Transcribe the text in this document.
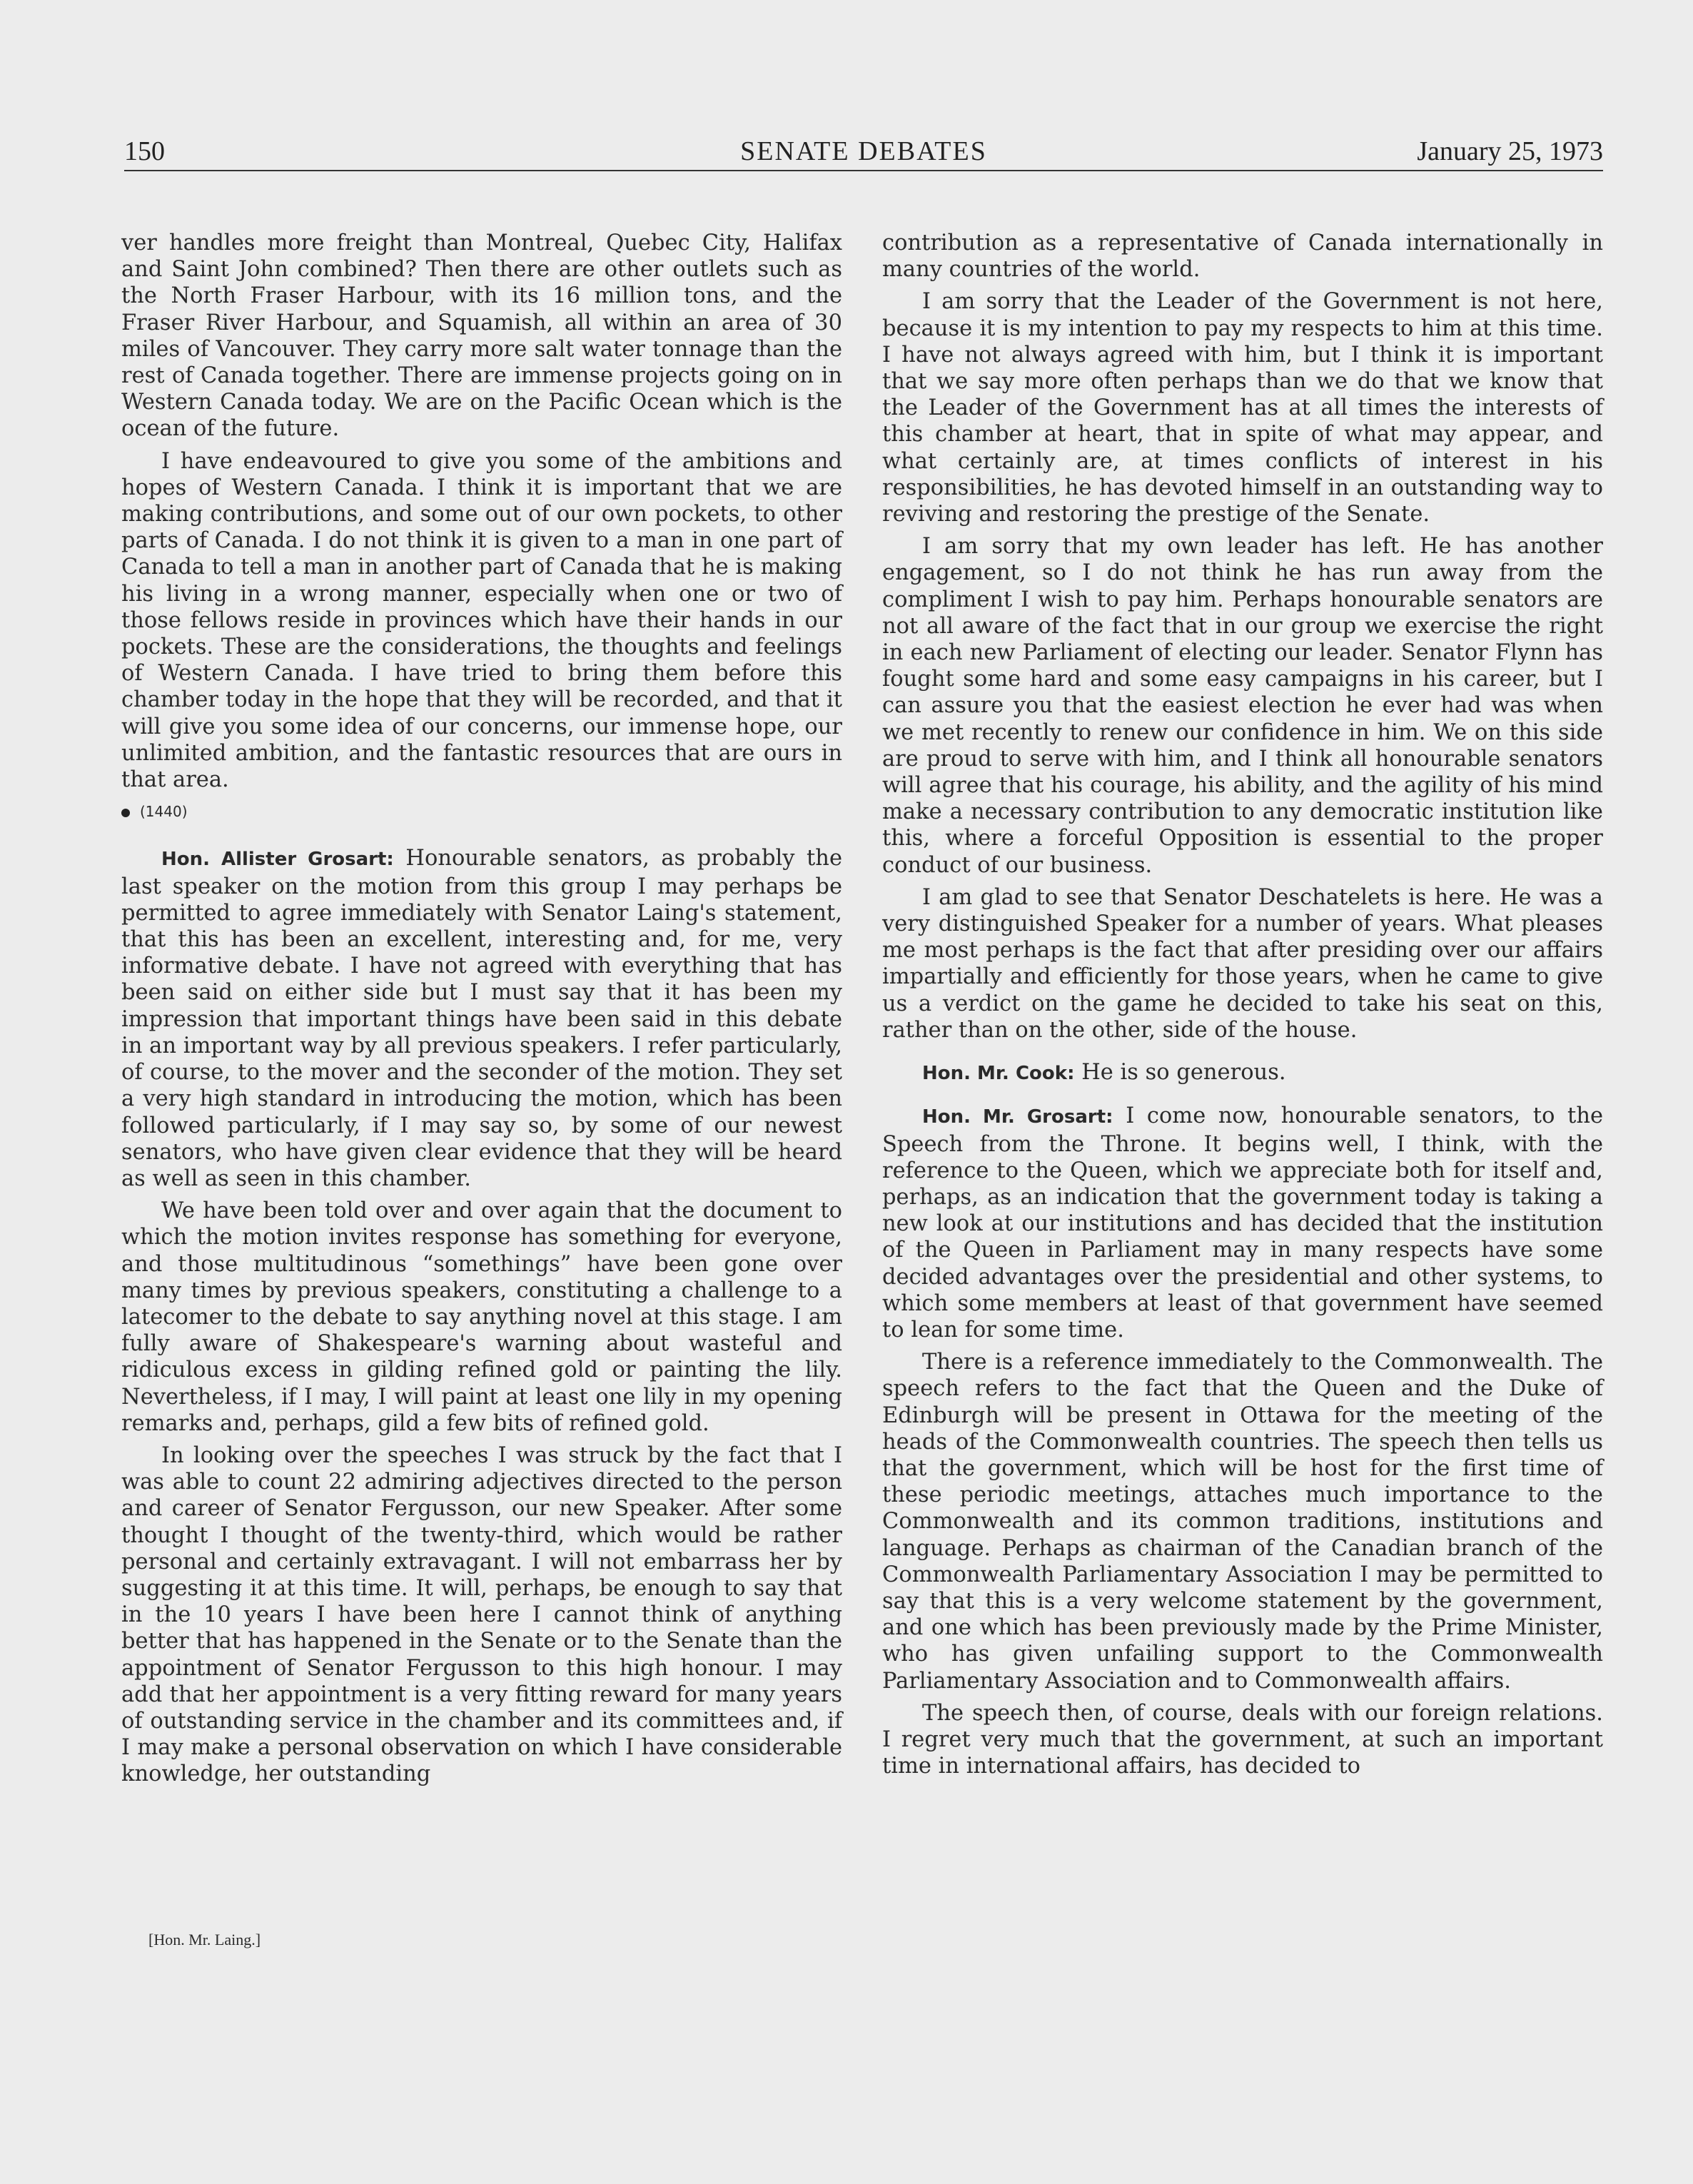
150	SENATE DEBATES	January 25, 1973

ver handles more freight than Montreal, Quebec City, Halifax and Saint John combined? Then there are other outlets such as the North Fraser Harbour, with its 16 million tons, and the Fraser River Harbour, and Squamish, all within an area of 30 miles of Vancouver. They carry more salt water tonnage than the rest of Canada together. There are immense projects going on in Western Canada today. We are on the Pacific Ocean which is the ocean of the future.

I have endeavoured to give you some of the ambitions and hopes of Western Canada. I think it is important that we are making contributions, and some out of our own pockets, to other parts of Canada. I do not think it is given to a man in one part of Canada to tell a man in another part of Canada that he is making his living in a wrong manner, especially when one or two of those fellows reside in provinces which have their hands in our pockets. These are the considerations, the thoughts and feelings of Western Canada. I have tried to bring them before this chamber today in the hope that they will be recorded, and that it will give you some idea of our concerns, our immense hope, our unlimited ambition, and the fantastic resources that are ours in that area.

(1440)

Hon. Allister Grosart: Honourable senators, as probably the last speaker on the motion from this group I may perhaps be permitted to agree immediately with Senator Laing's statement, that this has been an excellent, interesting and, for me, very informative debate. I have not agreed with everything that has been said on either side but I must say that it has been my impression that important things have been said in this debate in an important way by all previous speakers. I refer particularly, of course, to the mover and the seconder of the motion. They set a very high standard in introducing the motion, which has been followed particularly, if I may say so, by some of our newest senators, who have given clear evidence that they will be heard as well as seen in this chamber.

We have been told over and over again that the document to which the motion invites response has something for everyone, and those multitudinous “somethings” have been gone over many times by previous speakers, constituting a challenge to a latecomer to the debate to say anything novel at this stage. I am fully aware of Shakespeare's warning about wasteful and ridiculous excess in gilding refined gold or painting the lily. Nevertheless, if I may, I will paint at least one lily in my opening remarks and, perhaps, gild a few bits of refined gold.

In looking over the speeches I was struck by the fact that I was able to count 22 admiring adjectives directed to the person and career of Senator Fergusson, our new Speaker. After some thought I thought of the twenty-third, which would be rather personal and certainly extravagant. I will not embarrass her by suggesting it at this time. It will, perhaps, be enough to say that in the 10 years I have been here I cannot think of anything better that has happened in the Senate or to the Senate than the appointment of Senator Fergusson to this high honour. I may add that her appointment is a very fitting reward for many years of outstanding service in the chamber and its committees and, if I may make a personal observation on which I have considerable knowledge, her outstanding

contribution as a representative of Canada internationally in many countries of the world.

I am sorry that the Leader of the Government is not here, because it is my intention to pay my respects to him at this time. I have not always agreed with him, but I think it is important that we say more often perhaps than we do that we know that the Leader of the Government has at all times the interests of this chamber at heart, that in spite of what may appear, and what certainly are, at times conflicts of interest in his responsibilities, he has devoted himself in an outstanding way to reviving and restoring the prestige of the Senate.

I am sorry that my own leader has left. He has another engagement, so I do not think he has run away from the compliment I wish to pay him. Perhaps honourable senators are not all aware of the fact that in our group we exercise the right in each new Parliament of electing our leader. Senator Flynn has fought some hard and some easy campaigns in his career, but I can assure you that the easiest election he ever had was when we met recently to renew our confidence in him. We on this side are proud to serve with him, and I think all honourable senators will agree that his courage, his ability, and the agility of his mind make a necessary contribution to any democratic institution like this, where a forceful Opposition is essential to the proper conduct of our business.

I am glad to see that Senator Deschatelets is here. He was a very distinguished Speaker for a number of years. What pleases me most perhaps is the fact that after presiding over our affairs impartially and efficiently for those years, when he came to give us a verdict on the game he decided to take his seat on this, rather than on the other, side of the house.

Hon. Mr. Cook: He is so generous.

Hon. Mr. Grosart: I come now, honourable senators, to the Speech from the Throne. It begins well, I think, with the reference to the Queen, which we appreciate both for itself and, perhaps, as an indication that the government today is taking a new look at our institutions and has decided that the institution of the Queen in Parliament may in many respects have some decided advantages over the presidential and other systems, to which some members at least of that government have seemed to lean for some time.

There is a reference immediately to the Commonwealth. The speech refers to the fact that the Queen and the Duke of Edinburgh will be present in Ottawa for the meeting of the heads of the Commonwealth countries. The speech then tells us that the government, which will be host for the first time of these periodic meetings, attaches much importance to the Commonwealth and its common traditions, institutions and language. Perhaps as chairman of the Canadian branch of the Commonwealth Parliamentary Association I may be permitted to say that this is a very welcome statement by the government, and one which has been previously made by the Prime Minister, who has given unfailing support to the Commonwealth Parliamentary Association and to Commonwealth affairs.

The speech then, of course, deals with our foreign relations. I regret very much that the government, at such an important time in international affairs, has decided to

[Hon. Mr. Laing.]
